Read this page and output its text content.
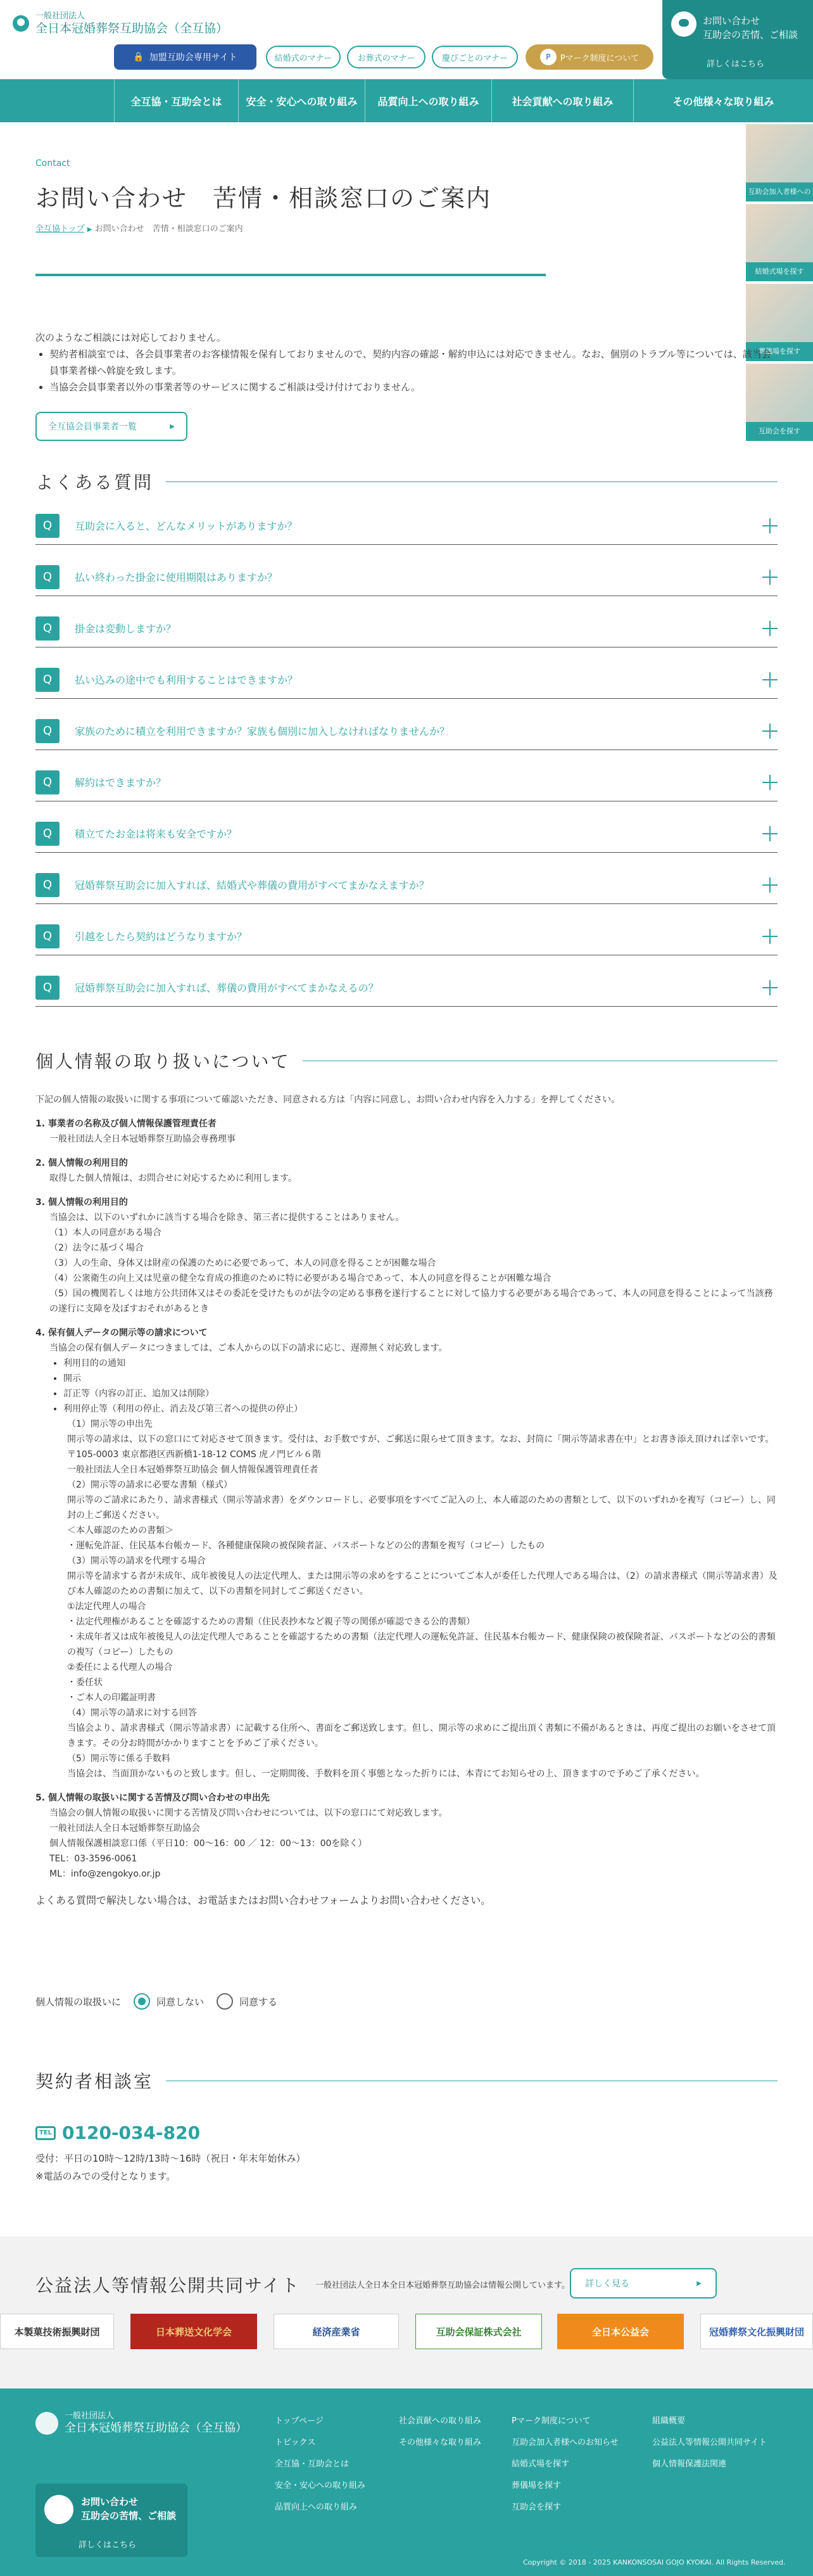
一般社団法人
全日本冠婚葬祭互助協会（全互協）
🔒 加盟互助会専用サイト	結婚式のマナー	お葬式のマナー	慶びごとのマナー	P	Pマーク制度について
お問い合わせ
互助会の苦情、ご相談
詳しくはこちら
全互協・互助会とは	安全・安心への取り組み	品質向上への取り組み	社会貢献への取り組み	その他様々な取り組み
互助会加入者様への
結婚式場を探す
葬儀場を探す
互助会を探す
Contact
お問い合わせ　苦情・相談窓口のご案内
全互協トップ ▶ お問い合わせ　苦情・相談窓口のご案内

次のようなご相談には対応しておりません。

• 契約者相談室では、各会員事業者のお客様情報を保有しておりませんので、契約内容の確認・解約申込には対応できません。なお、個別のトラブル等については、該当会員事業者様へ斡旋を致します。
• 当協会会員事業者以外の事業者等のサービスに関するご相談は受け付けておりません。
全互協会員事業者一覧	▶
よくある質問
Q	互助会に入ると、どんなメリットがありますか？
Q	払い終わった掛金に使用期限はありますか？
Q	掛金は変動しますか？
Q	払い込みの途中でも利用することはできますか？
Q	家族のために積立を利用できますか？家族も個別に加入しなければなりませんか？
Q	解約はできますか？
Q	積立てたお金は将来も安全ですか？
Q	冠婚葬祭互助会に加入すれば、結婚式や葬儀の費用がすべてまかなえますか？
Q	引越をしたら契約はどうなりますか？
Q	冠婚葬祭互助会に加入すれば、葬儀の費用がすべてまかなえるの？
個人情報の取り扱いについて

下記の個人情報の取扱いに関する事項について確認いただき、同意される方は「内容に同意し、お問い合わせ内容を入力する」を押してください。

1. 事業者の名称及び個人情報保護管理責任者

一般社団法人全日本冠婚葬祭互助協会専務理事

2. 個人情報の利用目的

取得した個人情報は、お問合せに対応するために利用します。

3. 個人情報の利用目的

当協会は、以下のいずれかに該当する場合を除き、第三者に提供することはありません。

（1）本人の同意がある場合

（2）法令に基づく場合

（3）人の生命、身体又は財産の保護のために必要であって、本人の同意を得ることが困難な場合

（4）公衆衛生の向上又は児童の健全な育成の推進のために特に必要がある場合であって、本人の同意を得ることが困難な場合

（5）国の機関若しくは地方公共団体又はその委託を受けたものが法令の定める事務を遂行することに対して協力する必要がある場合であって、本人の同意を得ることによって当該務の遂行に支障を及ぼすおそれがあるとき

4. 保有個人データの開示等の請求について

当協会の保有個人データにつきましては、ご本人からの以下の請求に応じ、遅滞無く対応致します。

• 利用目的の通知
• 開示
• 訂正等（内容の訂正、追加又は削除）
• 利用停止等（利用の停止、消去及び第三者への提供の停止）

（1）開示等の申出先

開示等の請求は、以下の窓口にて対応させて頂きます。受付は、お手数ですが、ご郵送に限らせて頂きます。なお、封筒に「開示等請求書在中」とお書き添え頂ければ幸いです。

〒105-0003 東京都港区西新橋1-18-12 COMS 虎ノ門ビル６階

一般社団法人全日本冠婚葬祭互助協会 個人情報保護管理責任者

（2）開示等の請求に必要な書類（様式）

開示等のご請求にあたり、請求書様式（開示等請求書）をダウンロードし、必要事項をすべてご記入の上、本人確認のための書類として、以下のいずれかを複写（コピー）し、同封の上ご郵送ください。

＜本人確認のための書類＞

・運転免許証、住民基本台帳カード、各種健康保険の被保険者証、パスポートなどの公的書類を複写（コピー）したもの

（3）開示等の請求を代理する場合

開示等を請求する者が未成年、成年被後見人の法定代理人、または開示等の求めをすることについてご本人が委任した代理人である場合は、（2）の請求書様式（開示等請求書）及び本人確認のための書類に加えて、以下の書類を同封してご郵送ください。

①法定代理人の場合

・法定代理権があることを確認するための書類（住民表抄本など親子等の関係が確認できる公的書類）

・未成年者又は成年被後見人の法定代理人であることを確認するための書類（法定代理人の運転免許証、住民基本台帳カード、健康保険の被保険者証、パスポートなどの公的書類の複写（コピー）したもの

②委任による代理人の場合

・委任状

・ご本人の印鑑証明書

（4）開示等の請求に対する回答

当協会より、請求書様式（開示等請求書）に記載する住所へ、書面をご郵送致します。但し、開示等の求めにご提出頂く書類に不備があるときは、再度ご提出のお願いをさせて頂きます。その分お時間がかかりますことを予めご了承ください。

（5）開示等に係る手数料

当協会は、当面頂かないものと致します。但し、一定期間後、手数料を頂く事態となった折りには、本青にてお知らせの上、頂きますので予めご了承ください。

5. 個人情報の取扱いに関する苦情及び問い合わせの申出先

当協会の個人情報の取扱いに関する苦情及び問い合わせについては、以下の窓口にて対応致します。

一般社団法人全日本冠婚葬祭互助協会

個人情報保護相談窓口係（平日10：00～16：00 ／ 12：00～13：00を除く）

TEL：03-3596-0061

ML：info@zengokyo.or.jp

よくある質問で解決しない場合は、お電話またはお問い合わせフォームよりお問い合わせください。

個人情報の取扱いに	同意しない	同意する
契約者相談室
TEL 0120-034-820
受付：平日の10時〜12時/13時〜16時（祝日・年末年始休み）
※電話のみでの受付となります。
公益法人等情報公開共同サイト 一般社団法人全日本全日本冠婚葬祭互助協会は情報公開しています。 詳しく見る	▶
本製菓技術振興財団	日本葬送文化学会	経済産業省	互助会保証株式会社	全日本公益会	冠婚葬祭文化振興財団
一般社団法人
全日本冠婚葬祭互助協会（全互協）
トップページ
トピックス
全互協・互助会とは
安全・安心への取り組み
品質向上への取り組み
社会貢献への取り組み
その他様々な取り組み
Pマーク制度について
互助会加入者様へのお知らせ
結婚式場を探す
葬儀場を探す
互助会を探す
組織概要
公益法人等情報公開共同サイト
個人情報保護法関連
お問い合わせ
互助会の苦情、ご相談
詳しくはこちら
Copyright © 2018 - 2025 KANKONSOSAI GOJO KYOKAI. All Rights Reserved.
